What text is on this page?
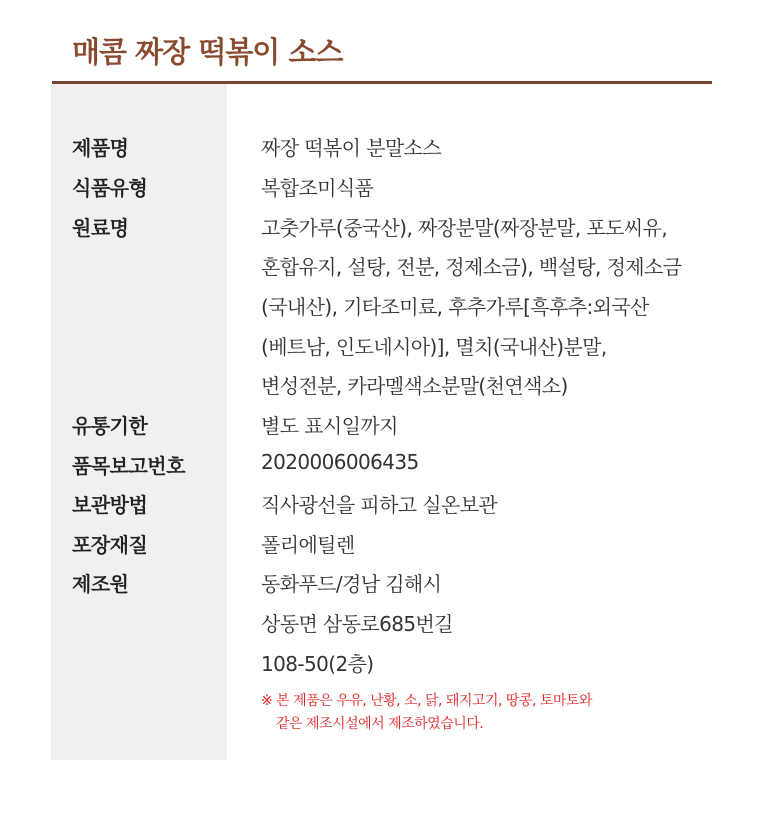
매콤 짜장 떡볶이 소스
제품명
식품유형
원료명
유통기한
품목보고번호
보관방법
포장재질
제조원
짜장 떡볶이 분말소스
복합조미식품
고춧가루(중국산), 짜장분말(짜장분말, 포도씨유,
혼합유지, 설탕, 전분, 정제소금), 백설탕, 정제소금
(국내산), 기타조미료, 후추가루[흑후추:외국산
(베트남, 인도네시아)], 멸치(국내산)분말,
변성전분, 카라멜색소분말(천연색소)
별도 표시일까지
2020006006435
직사광선을 피하고 실온보관
폴리에틸렌
동화푸드/경남 김해시
상동면 삼동로685번길
108-50(2층)
※ 본 제품은 우유, 난황, 소, 닭, 돼지고기, 땅콩, 토마토와
같은 제조시설에서 제조하였습니다.
